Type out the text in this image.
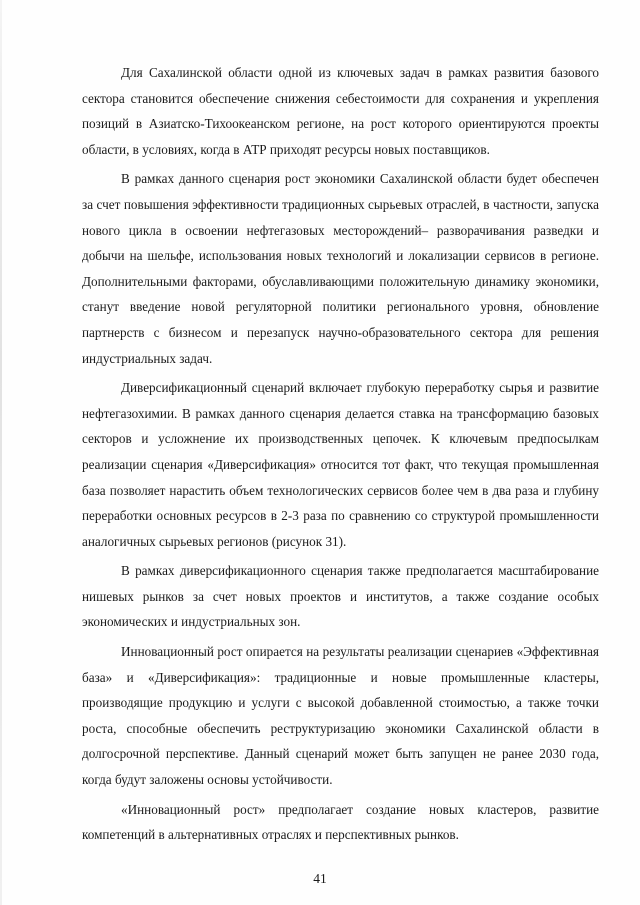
Для Сахалинской области одной из ключевых задач в рамках развития базового сектора становится обеспечение снижения себестоимости для сохранения и укрепления позиций в Азиатско-Тихоокеанском регионе, на рост которого ориентируются проекты области, в условиях, когда в АТР приходят ресурсы новых поставщиков.

В рамках данного сценария рост экономики Сахалинской области будет обеспечен за счет повышения эффективности традиционных сырьевых отраслей, в частности, запуска нового цикла в освоении нефтегазовых месторождений– разворачивания разведки и добычи на шельфе, использования новых технологий и локализации сервисов в регионе. Дополнительными факторами, обуславливающими положительную динамику экономики, станут введение новой регуляторной политики регионального уровня, обновление партнерств с бизнесом и перезапуск научно-образовательного сектора для решения индустриальных задач.

Диверсификационный сценарий включает глубокую переработку сырья и развитие нефтегазохимии. В рамках данного сценария делается ставка на трансформацию базовых секторов и усложнение их производственных цепочек. К ключевым предпосылкам реализации сценария «Диверсификация» относится тот факт, что текущая промышленная база позволяет нарастить объем технологических сервисов более чем в два раза и глубину переработки основных ресурсов в 2-3 раза по сравнению со структурой промышленности аналогичных сырьевых регионов (рисунок 31).

В рамках диверсификационного сценария также предполагается масштабирование нишевых рынков за счет новых проектов и институтов, а также создание особых экономических и индустриальных зон.

Инновационный рост опирается на результаты реализации сценариев «Эффективная база» и «Диверсификация»: традиционные и новые промышленные кластеры, производящие продукцию и услуги с высокой добавленной стоимостью, а также точки роста, способные обеспечить реструктуризацию экономики Сахалинской области в долгосрочной перспективе. Данный сценарий может быть запущен не ранее 2030 года, когда будут заложены основы устойчивости.

«Инновационный рост» предполагает создание новых кластеров, развитие компетенций в альтернативных отраслях и перспективных рынков.

41
